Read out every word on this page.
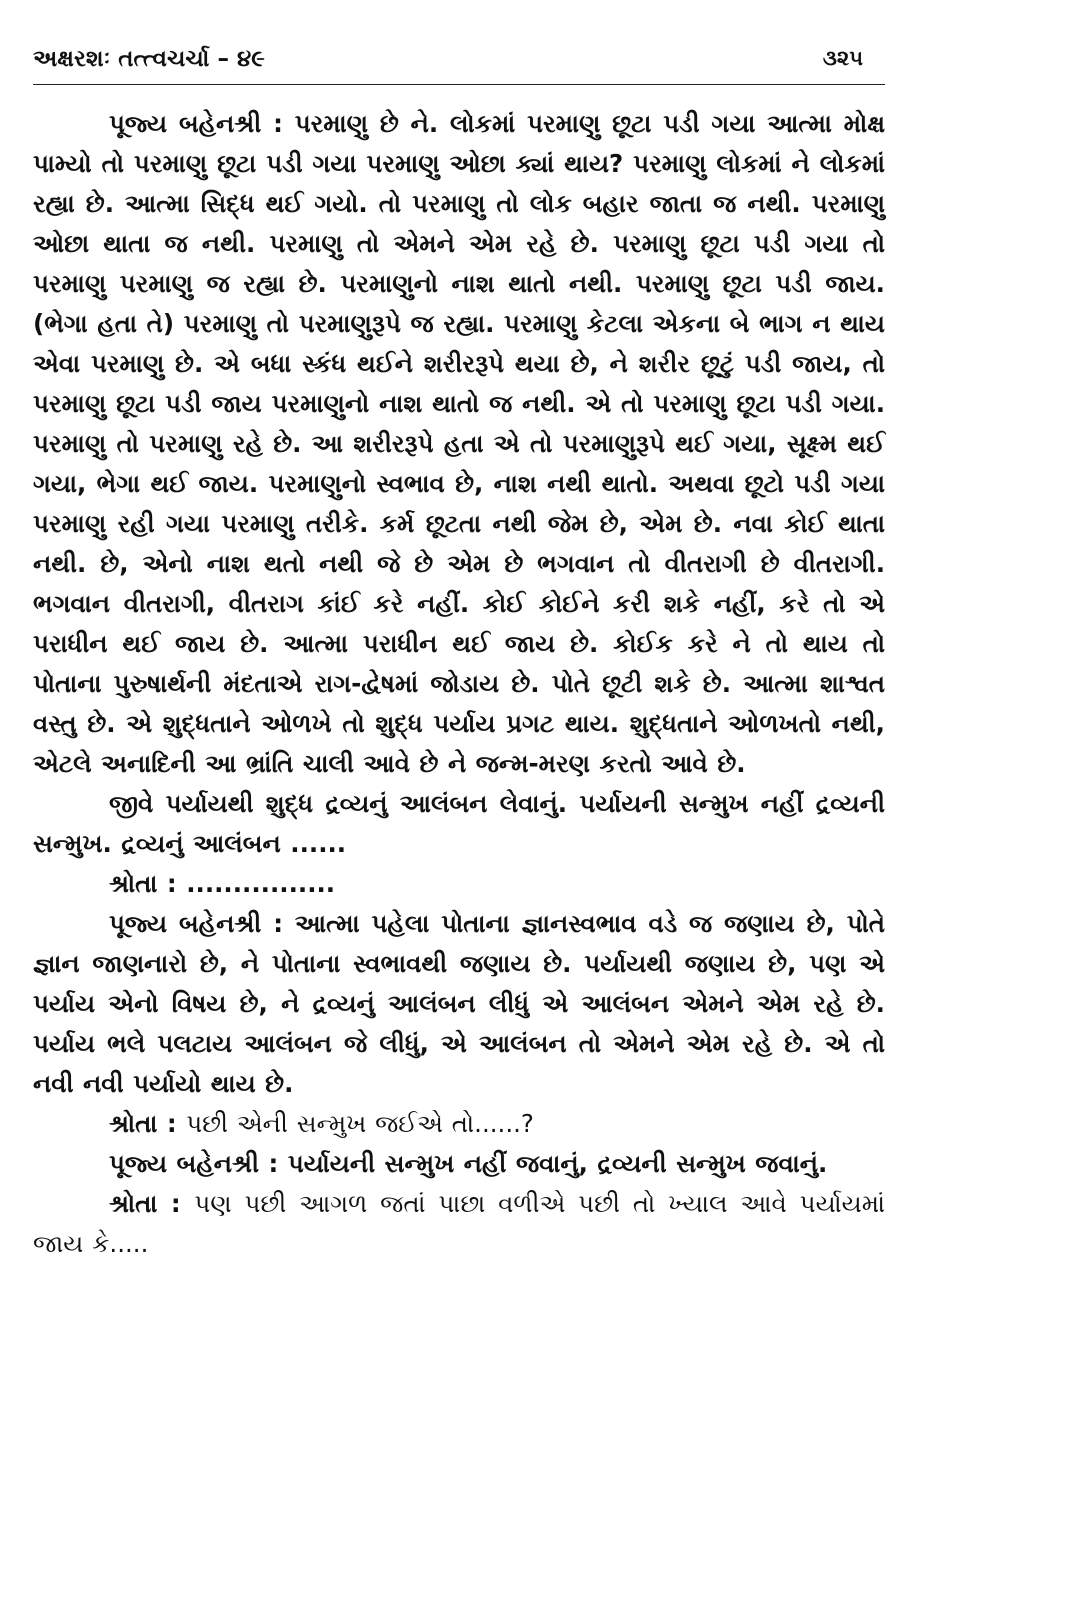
અક્ષરશઃ તત્ત્વચર્ચા – ૪૯	૩૨૫

પૂજ્ય બહેનશ્રી : પરમાણુ છે ને. લોકમાં પરમાણુ છૂટા પડી ગયા આત્મા મોક્ષ પામ્યો તો પરમાણુ છૂટા પડી ગયા પરમાણુ ઓછા ક્યાં થાય? પરમાણુ લોકમાં ને લોકમાં રહ્યા છે. આત્મા સિદ્ધ થઈ ગયો. તો પરમાણુ તો લોક બહાર જાતા જ નથી. પરમાણુ ઓછા થાતા જ નથી. પરમાણુ તો એમને એમ રહે છે. પરમાણુ છૂટા પડી ગયા તો પરમાણુ પરમાણુ જ રહ્યા છે. પરમાણુનો નાશ થાતો નથી. પરમાણુ છૂટા પડી જાય. (ભેગા હતા તે) પરમાણુ તો પરમાણુરૂપે જ રહ્યા. પરમાણુ કેટલા એકના બે ભાગ ન થાય એવા પરમાણુ છે. એ બધા સ્કંધ થઈને શરીરરૂપે થયા છે, ને શરીર છૂટું પડી જાય, તો પરમાણુ છૂટા પડી જાય પરમાણુનો નાશ થાતો જ નથી. એ તો પરમાણુ છૂટા પડી ગયા. પરમાણુ તો પરમાણુ રહે છે. આ શરીરરૂપે હતા એ તો પરમાણુરૂપે થઈ ગયા, સૂક્ષ્મ થઈ ગયા, ભેગા થઈ જાય. પરમાણુનો સ્વભાવ છે, નાશ નથી થાતો. અથવા છૂટો પડી ગયા પરમાણુ રહી ગયા પરમાણુ તરીકે. કર્મ છૂટતા નથી જેમ છે, એમ છે. નવા કોઈ થાતા નથી. છે, એનો નાશ થતો નથી જે છે એમ છે ભગવાન તો વીતરાગી છે વીતરાગી. ભગવાન વીતરાગી, વીતરાગ કાંઈ કરે નહીં. કોઈ કોઈને કરી શકે નહીં, કરે તો એ પરાધીન થઈ જાય છે. આત્મા પરાધીન થઈ જાય છે. કોઈક કરે ને તો થાય તો પોતાના પુરુષાર્થની મંદતાએ રાગ-દ્વેષમાં જોડાય છે. પોતે છૂટી શકે છે. આત્મા શાશ્વત વસ્તુ છે. એ શુદ્ધતાને ઓળખે તો શુદ્ધ પર્યાય પ્રગટ થાય. શુદ્ધતાને ઓળખતો નથી, એટલે અનાદિની આ ભ્રાંતિ ચાલી આવે છે ને જન્મ-મરણ કરતો આવે છે.

જીવે પર્યાયથી શુદ્ધ દ્રવ્યનું આલંબન લેવાનું. પર્યાયની સન્મુખ નહીં દ્રવ્યની સન્મુખ. દ્રવ્યનું આલંબન ......

શ્રોતા : ................

પૂજ્ય બહેનશ્રી : આત્મા પહેલા પોતાના જ્ઞાનસ્વભાવ વડે જ જણાય છે, પોતે જ્ઞાન જાણનારો છે, ને પોતાના સ્વભાવથી જણાય છે. પર્યાયથી જણાય છે, પણ એ પર્યાય એનો વિષય છે, ને દ્રવ્યનું આલંબન લીધું એ આલંબન એમને એમ રહે છે. પર્યાય ભલે પલટાય આલંબન જે લીધું, એ આલંબન તો એમને એમ રહે છે. એ તો નવી નવી પર્યાયો થાય છે.

શ્રોતા : પછી એની સન્મુખ જઈએ તો......?

પૂજ્ય બહેનશ્રી : પર્યાયની સન્મુખ નહીં જવાનું, દ્રવ્યની સન્મુખ જવાનું.

શ્રોતા : પણ પછી આગળ જતાં પાછા વળીએ પછી તો ખ્યાલ આવે પર્યાયમાં જાય કે.....
